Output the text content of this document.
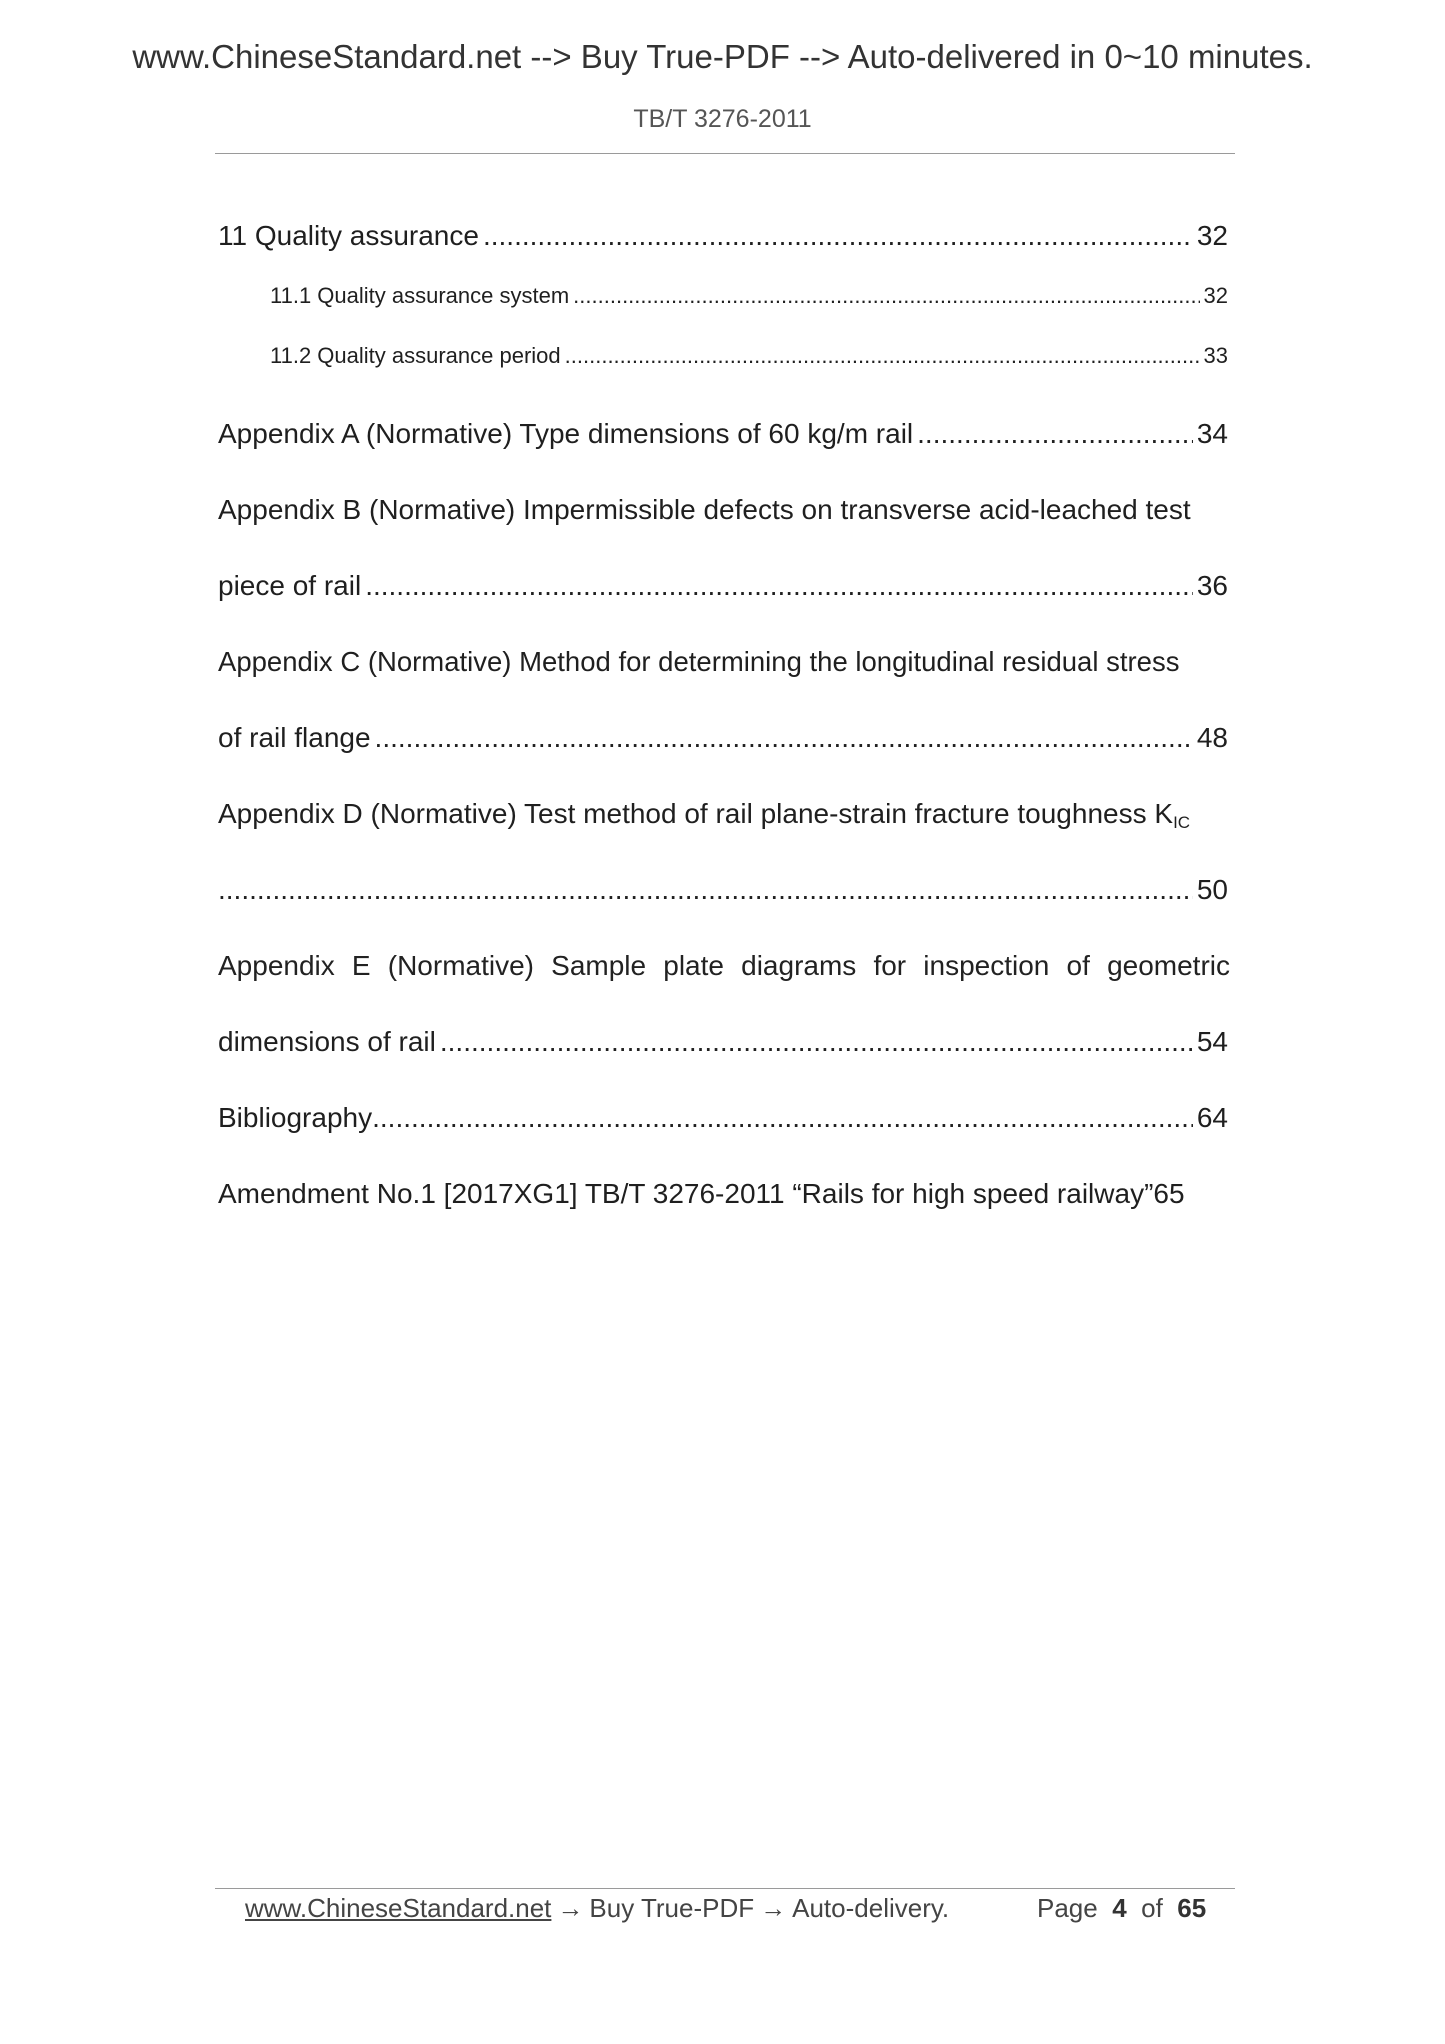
www.ChineseStandard.net --> Buy True-PDF --> Auto-delivered in 0~10 minutes.
TB/T 3276-2011
11 Quality assurance .....	32
11.1 Quality assurance system .....	32
11.2 Quality assurance period .....	33
Appendix A (Normative) Type dimensions of 60 kg/m rail .....	34
Appendix B (Normative) Impermissible defects on transverse acid-leached test
piece of rail .....	36
Appendix C (Normative) Method for determining the longitudinal residual stress
of rail flange .....	48
Appendix D (Normative) Test method of rail plane-strain fracture toughness $K_{IC}$
.....
50
Appendix E (Normative) Sample plate diagrams for inspection of geometric
dimensions of rail .....	54
Bibliography .....	64
Amendment No.1 [2017XG1] TB/T 3276-2011 “Rails for high speed railway” 65
www.ChineseStandard.net → Buy True-PDF → Auto-delivery.	Page 4 of 65
